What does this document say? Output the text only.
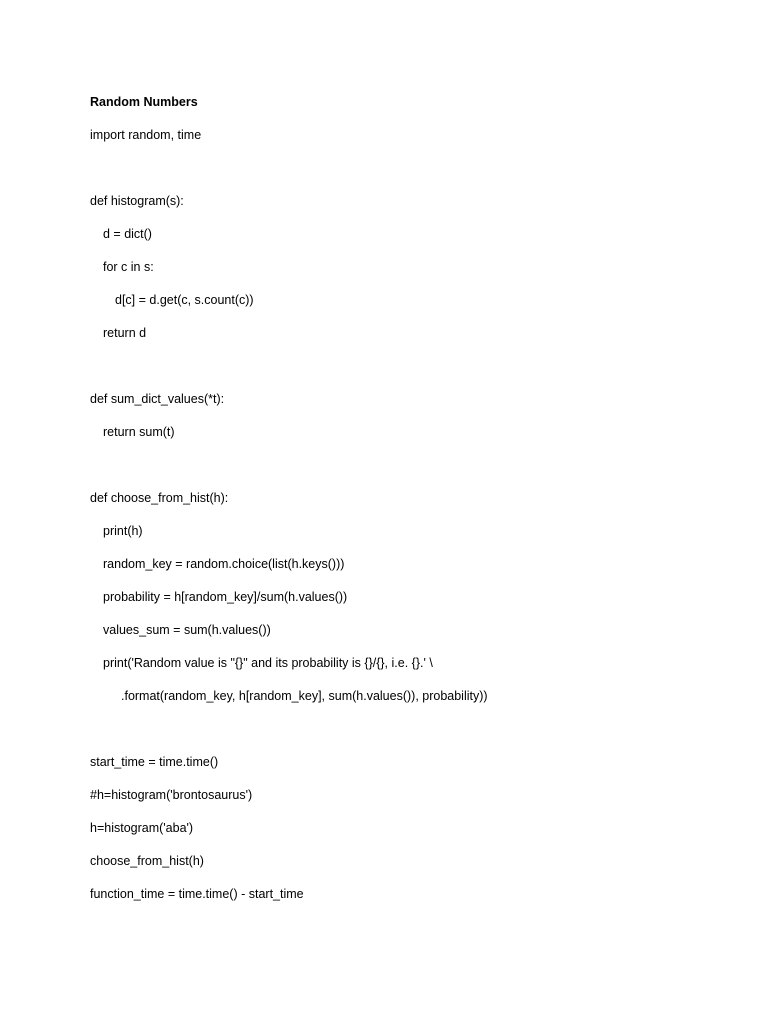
Random Numbers
import random, time
def histogram(s):
d = dict()
for c in s:
d[c] = d.get(c, s.count(c))
return d
def sum_dict_values(*t):
return sum(t)
def choose_from_hist(h):
print(h)
random_key = random.choice(list(h.keys()))
probability = h[random_key]/sum(h.values())
values_sum = sum(h.values())
print('Random value is "{}" and its probability is {}/{}, i.e. {}.' \
.format(random_key, h[random_key], sum(h.values()), probability))
start_time = time.time()
#h=histogram('brontosaurus')
h=histogram('aba')
choose_from_hist(h)
function_time = time.time() - start_time
